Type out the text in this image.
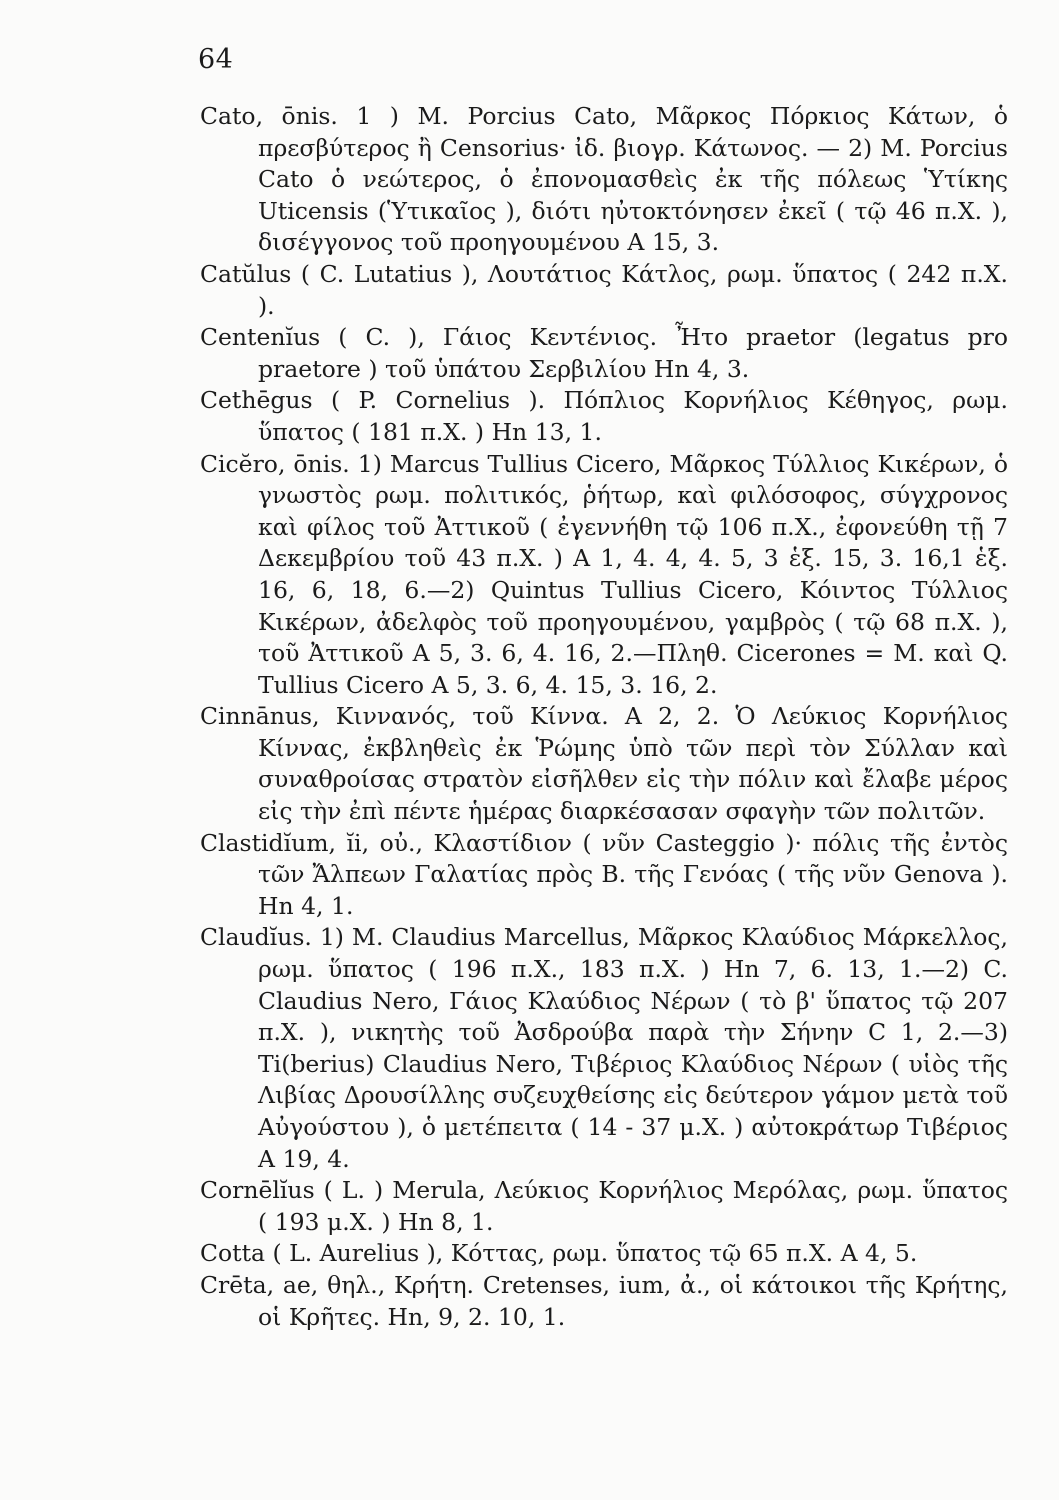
64

Cato, ōnis. 1 ) M. Porcius Cato, Μᾶρκος Πόρκιος Κάτων, ὁ πρεσβύτερος ἢ Censorius· ἰδ. βιογρ. Κάτωνος. — 2) M. Porcius Cato ὁ νεώτερος, ὁ ἐπονομασθεὶς ἐκ τῆς πόλεως Ὑτίκης Uticensis (Ὑτικαῖος ), διότι ηὐτοκτόνησεν ἐκεῖ ( τῷ 46 π.Χ. ), δισέγγονος τοῦ προηγουμένου A 15, 3.

Catŭlus ( C. Lutatius ), Λουτάτιος Κάτλος, ρωμ. ὕπατος ( 242 π.Χ. ).

Centenĭus ( C. ), Γάιος Κεντένιος. Ἦτο praetor (legatus pro praetore ) τοῦ ὑπάτου Σερβιλίου Hn 4, 3.

Cethēgus ( P. Cornelius ). Πόπλιος Κορνήλιος Κέθηγος, ρωμ. ὕπατος ( 181 π.Χ. ) Hn 13, 1.

Cicĕro, ōnis. 1) Marcus Tullius Cicero, Μᾶρκος Τύλλιος Κικέρων, ὁ γνωστὸς ρωμ. πολιτικός, ῥήτωρ, καὶ φιλόσοφος, σύγχρονος καὶ φίλος τοῦ Ἀττικοῦ ( ἐγεννήθη τῷ 106 π.Χ., ἐφονεύθη τῇ 7 Δεκεμβρίου τοῦ 43 π.Χ. ) A 1, 4. 4, 4. 5, 3 ἑξ. 15, 3. 16,1 ἑξ. 16, 6, 18, 6.—2) Quintus Tullius Cicero, Κόιντος Τύλλιος Κικέρων, ἀδελφὸς τοῦ προηγουμένου, γαμβρὸς ( τῷ 68 π.Χ. ), τοῦ Ἀττικοῦ A 5, 3. 6, 4. 16, 2.—Πληθ. Cicerones = M. καὶ Q. Tullius Cicero A 5, 3. 6, 4. 15, 3. 16, 2.

Cinnānus, Κιννανός, τοῦ Κίννα. A 2, 2. Ὁ Λεύκιος Κορνήλιος Κίννας, ἐκβληθεὶς ἐκ Ῥώμης ὑπὸ τῶν περὶ τὸν Σύλλαν καὶ συναθροίσας στρατὸν εἰσῆλθεν εἰς τὴν πόλιν καὶ ἔλαβε μέρος εἰς τὴν ἐπὶ πέντε ἡμέρας διαρκέσασαν σφαγὴν τῶν πολιτῶν.

Clastidĭum, ĭi, οὐ., Κλαστίδιον ( νῦν Casteggio )· πόλις τῆς ἐντὸς τῶν Ἄλπεων Γαλατίας πρὸς B. τῆς Γενόας ( τῆς νῦν Genova ). Hn 4, 1.

Claudĭus. 1) M. Claudius Marcellus, Μᾶρκος Κλαύδιος Μάρκελλος, ρωμ. ὕπατος ( 196 π.Χ., 183 π.Χ. ) Hn 7, 6. 13, 1.—2) C. Claudius Nero, Γάιος Κλαύδιος Νέρων ( τὸ β' ὕπατος τῷ 207 π.Χ. ), νικητὴς τοῦ Ἀσδρούβα παρὰ τὴν Σήνην C 1, 2.—3) Ti(berius) Claudius Nero, Τιβέριος Κλαύδιος Νέρων ( υἱὸς τῆς Λιβίας Δρουσίλλης συζευχθείσης εἰς δεύτερον γάμον μετὰ τοῦ Αὐγούστου ), ὁ μετέπειτα ( 14 - 37 μ.Χ. ) αὐτοκράτωρ Τιβέριος A 19, 4.

Cornēlĭus ( L. ) Merula, Λεύκιος Κορνήλιος Μερόλας, ρωμ. ὕπατος ( 193 μ.Χ. ) Hn 8, 1.

Cotta ( L. Aurelius ), Κόττας, ρωμ. ὕπατος τῷ 65 π.Χ. A 4, 5.

Crēta, ae, θηλ., Κρήτη. Cretenses, ium, ἀ., οἱ κάτοικοι τῆς Κρήτης, οἱ Κρῆτες. Hn, 9, 2. 10, 1.
